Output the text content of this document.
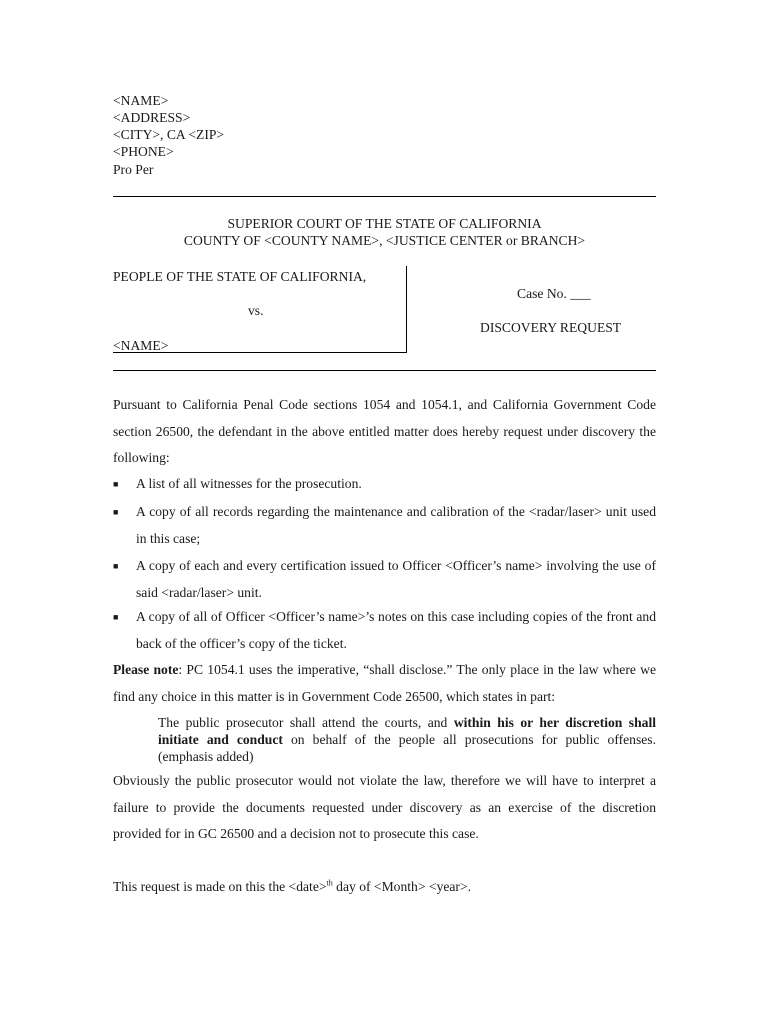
<NAME>
<ADDRESS>
<CITY>, CA <ZIP>
<PHONE>
Pro Per
SUPERIOR COURT OF THE STATE OF CALIFORNIA
COUNTY OF <COUNTY NAME>, <JUSTICE CENTER or BRANCH>
PEOPLE OF THE STATE OF CALIFORNIA,
vs.
<NAME>
Case No. ___
DISCOVERY REQUEST
Pursuant to California Penal Code sections 1054 and 1054.1, and California Government Code section 26500, the defendant in the above entitled matter does hereby request under discovery the following:
■	A list of all witnesses for the prosecution.
■	A copy of all records regarding the maintenance and calibration of the <radar/laser> unit used in this case;
■	A copy of each and every certification issued to Officer <Officer’s name> involving the use of said <radar/laser> unit.
■	A copy of all of Officer <Officer’s name>’s notes on this case including copies of the front and back of the officer’s copy of the ticket.
Please note: PC 1054.1 uses the imperative, “shall disclose.” The only place in the law where we find any choice in this matter is in Government Code 26500, which states in part:
The public prosecutor shall attend the courts, and within his or her discretion shall initiate and conduct on behalf of the people all prosecutions for public offenses. (emphasis added)
Obviously the public prosecutor would not violate the law, therefore we will have to interpret a failure to provide the documents requested under discovery as an exercise of the discretion provided for in GC 26500 and a decision not to prosecute this case.
This request is made on this the <date>$^{th}$ day of <Month> <year>.
